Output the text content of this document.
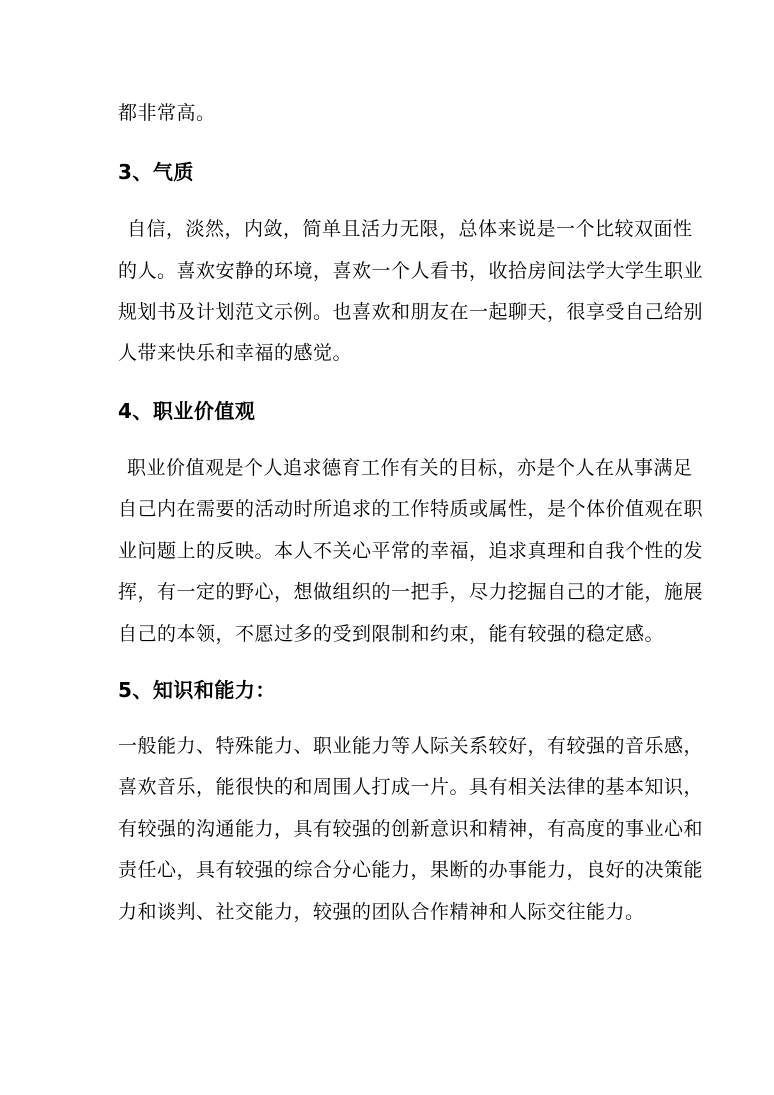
都非常高。
3、气质
自信，淡然，内敛，简单且活力无限，总体来说是一个比较双面性
的人。喜欢安静的环境，喜欢一个人看书，收拾房间法学大学生职业
规划书及计划范文示例。也喜欢和朋友在一起聊天，很享受自己给别
人带来快乐和幸福的感觉。
4、职业价值观
职业价值观是个人追求德育工作有关的目标，亦是个人在从事满足
自己内在需要的活动时所追求的工作特质或属性，是个体价值观在职
业问题上的反映。本人不关心平常的幸福，追求真理和自我个性的发
挥，有一定的野心，想做组织的一把手，尽力挖掘自己的才能，施展
自己的本领，不愿过多的受到限制和约束，能有较强的稳定感。
5、知识和能力：
一般能力、特殊能力、职业能力等人际关系较好，有较强的音乐感，
喜欢音乐，能很快的和周围人打成一片。具有相关法律的基本知识，
有较强的沟通能力，具有较强的创新意识和精神，有高度的事业心和
责任心，具有较强的综合分心能力，果断的办事能力，良好的决策能
力和谈判、社交能力，较强的团队合作精神和人际交往能力。
